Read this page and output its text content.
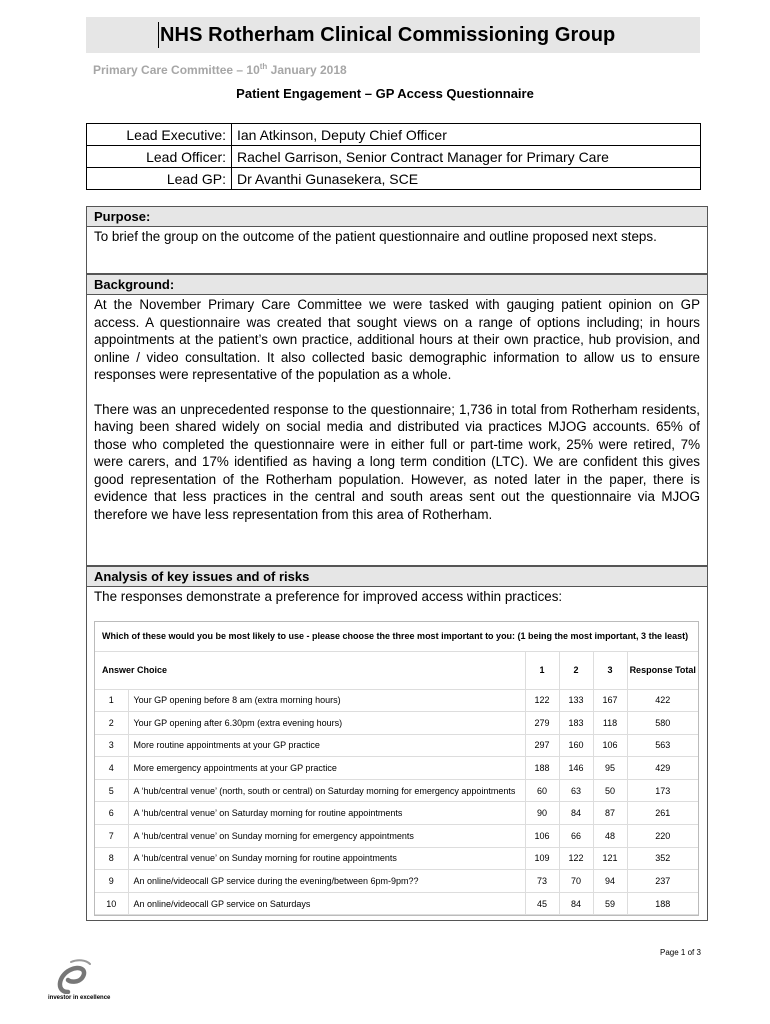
NHS Rotherham Clinical Commissioning Group
Primary Care Committee – 10th January 2018
Patient Engagement – GP Access Questionnaire
Lead Executive:	Ian Atkinson, Deputy Chief Officer
Lead Officer:	Rachel Garrison, Senior Contract Manager for Primary Care
Lead GP:	Dr Avanthi Gunasekera, SCE
Purpose:
To brief the group on the outcome of the patient questionnaire and outline proposed next steps.
Background:

At the November Primary Care Committee we were tasked with gauging patient opinion on GP access. A questionnaire was created that sought views on a range of options including; in hours appointments at the patient’s own practice, additional hours at their own practice, hub provision, and online / video consultation. It also collected basic demographic information to allow us to ensure responses were representative of the population as a whole.

There was an unprecedented response to the questionnaire; 1,736 in total from Rotherham residents, having been shared widely on social media and distributed via practices MJOG accounts. 65% of those who completed the questionnaire were in either full or part-time work, 25% were retired, 7% were carers, and 17% identified as having a long term condition (LTC). We are confident this gives good representation of the Rotherham population. However, as noted later in the paper, there is evidence that less practices in the central and south areas sent out the questionnaire via MJOG therefore we have less representation from this area of Rotherham.

Analysis of key issues and of risks
The responses demonstrate a preference for improved access within practices:
Which of these would you be most likely to use - please choose the three most important to you: (1 being the most important, 3 the least)
Answer Choice		1	2	3	Response Total
1	Your GP opening before 8 am (extra morning hours)	122	133	167	422
2	Your GP opening after 6.30pm (extra evening hours)	279	183	118	580
3	More routine appointments at your GP practice	297	160	106	563
4	More emergency appointments at your GP practice	188	146	95	429
5	A ‘hub/central venue’ (north, south or central) on Saturday morning for emergency appointments	60	63	50	173
6	A ‘hub/central venue’ on Saturday morning for routine appointments	90	84	87	261
7	A ‘hub/central venue’ on Sunday morning for emergency appointments	106	66	48	220
8	A ‘hub/central venue’ on Sunday morning for routine appointments	109	122	121	352
9	An online/videocall GP service during the evening/between 6pm-9pm??	73	70	94	237
10	An online/videocall GP service on Saturdays	45	84	59	188
Page 1 of 3
investor in excellence
